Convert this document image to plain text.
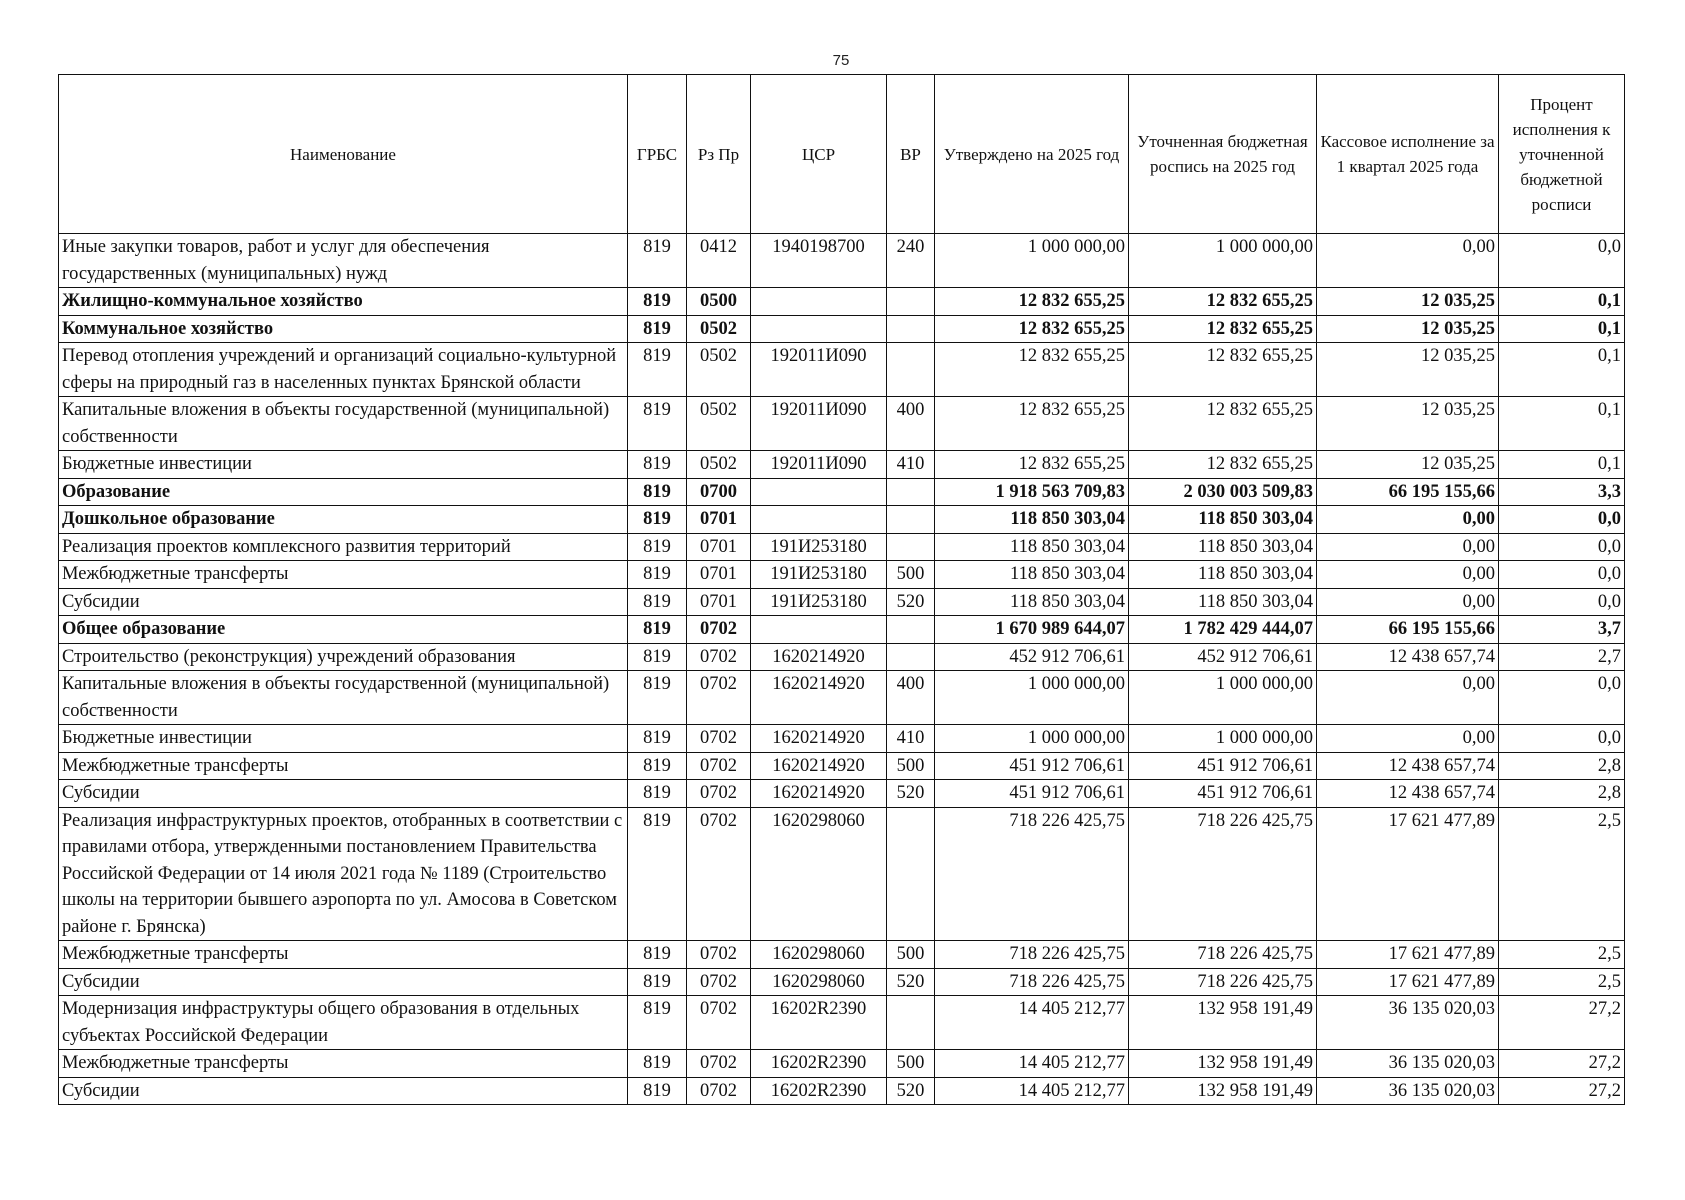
75
Наименование	ГРБС	Рз Пр	ЦСР	ВР	Утверждено на 2025 год	Уточненная бюджетная роспись на 2025 год	Кассовое исполнение за 1 квартал 2025 года	Процент исполнения к уточненной бюджетной росписи
Иные закупки товаров, работ и услуг для обеспечения государственных (муниципальных) нужд	819	0412	1940198700	240	1 000 000,00	1 000 000,00	0,00	0,0
Жилищно-коммунальное хозяйство	819	0500			12 832 655,25	12 832 655,25	12 035,25	0,1
Коммунальное хозяйство	819	0502			12 832 655,25	12 832 655,25	12 035,25	0,1
Перевод отопления учреждений и организаций социально-культурной сферы на природный газ в населенных пунктах Брянской области	819	0502	192011И090		12 832 655,25	12 832 655,25	12 035,25	0,1
Капитальные вложения в объекты государственной (муниципальной) собственности	819	0502	192011И090	400	12 832 655,25	12 832 655,25	12 035,25	0,1
Бюджетные инвестиции	819	0502	192011И090	410	12 832 655,25	12 832 655,25	12 035,25	0,1
Образование	819	0700			1 918 563 709,83	2 030 003 509,83	66 195 155,66	3,3
Дошкольное образование	819	0701			118 850 303,04	118 850 303,04	0,00	0,0
Реализация проектов комплексного развития территорий	819	0701	191И253180		118 850 303,04	118 850 303,04	0,00	0,0
Межбюджетные трансферты	819	0701	191И253180	500	118 850 303,04	118 850 303,04	0,00	0,0
Субсидии	819	0701	191И253180	520	118 850 303,04	118 850 303,04	0,00	0,0
Общее образование	819	0702			1 670 989 644,07	1 782 429 444,07	66 195 155,66	3,7
Строительство (реконструкция) учреждений образования	819	0702	1620214920		452 912 706,61	452 912 706,61	12 438 657,74	2,7
Капитальные вложения в объекты государственной (муниципальной) собственности	819	0702	1620214920	400	1 000 000,00	1 000 000,00	0,00	0,0
Бюджетные инвестиции	819	0702	1620214920	410	1 000 000,00	1 000 000,00	0,00	0,0
Межбюджетные трансферты	819	0702	1620214920	500	451 912 706,61	451 912 706,61	12 438 657,74	2,8
Субсидии	819	0702	1620214920	520	451 912 706,61	451 912 706,61	12 438 657,74	2,8
Реализация инфраструктурных проектов, отобранных в соответствии с правилами отбора, утвержденными постановлением Правительства Российской Федерации от 14 июля 2021 года № 1189 (Строительство школы на территории бывшего аэропорта по ул. Амосова в Советском районе г. Брянска)	819	0702	1620298060		718 226 425,75	718 226 425,75	17 621 477,89	2,5
Межбюджетные трансферты	819	0702	1620298060	500	718 226 425,75	718 226 425,75	17 621 477,89	2,5
Субсидии	819	0702	1620298060	520	718 226 425,75	718 226 425,75	17 621 477,89	2,5
Модернизация инфраструктуры общего образования в отдельных субъектах Российской Федерации	819	0702	16202R2390		14 405 212,77	132 958 191,49	36 135 020,03	27,2
Межбюджетные трансферты	819	0702	16202R2390	500	14 405 212,77	132 958 191,49	36 135 020,03	27,2
Субсидии	819	0702	16202R2390	520	14 405 212,77	132 958 191,49	36 135 020,03	27,2
